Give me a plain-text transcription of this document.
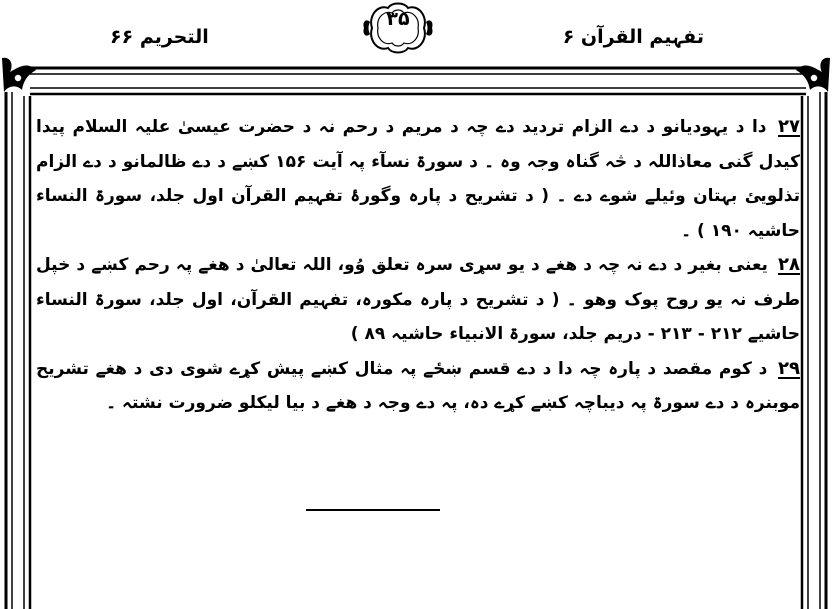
۳۵
التحریم ۶۶	تفہیم القرآن ۶

۲۷ دا د یہودیانو د دے الزام تردید دے چہ د مریم د رحم نہ د حضرت عیسیٰ علیہ السلام پیدا کیدل گنی معاذاللہ د څہ گناہ وجہ وہ ۔ د سورۃ نسآء پہ آیت ۱۵۶ کښے د دے ظالمانو د دے الزام تذلویئ بہتان وئیلے شوے دے ۔ ( د تشریح د پارہ وگورۂ تفہیم القرآن اول جلد، سورۃ النساء حاشیہ ۱۹۰ ) ۔

۲۸ یعنی بغیر د دے نہ چہ د ھغے د یو سړی سرہ تعلق وُو، اللہ تعالیٰ د ھغے پہ رحم کښے د خپل طرف نہ یو روح پوک وھو ۔ ( د تشریح د پارہ مکورہ، تفہیم القرآن، اول جلد، سورۃ النساء حاشیے ۲۱۲ - ۲۱۳ - دریم جلد، سورۃ الانبیاء حاشیہ ۸۹ )

۲۹ د کوم مقصد د پارہ چہ دا د دے قسم ښځے پہ مثال کښے پیش کړے شوی دی د ھغے تشریح موبنرہ د دے سورۃ پہ دیباچہ کښے کړے دہ، پہ دے وجہ د ھغے د بیا لیکلو ضرورت نشتہ ۔
